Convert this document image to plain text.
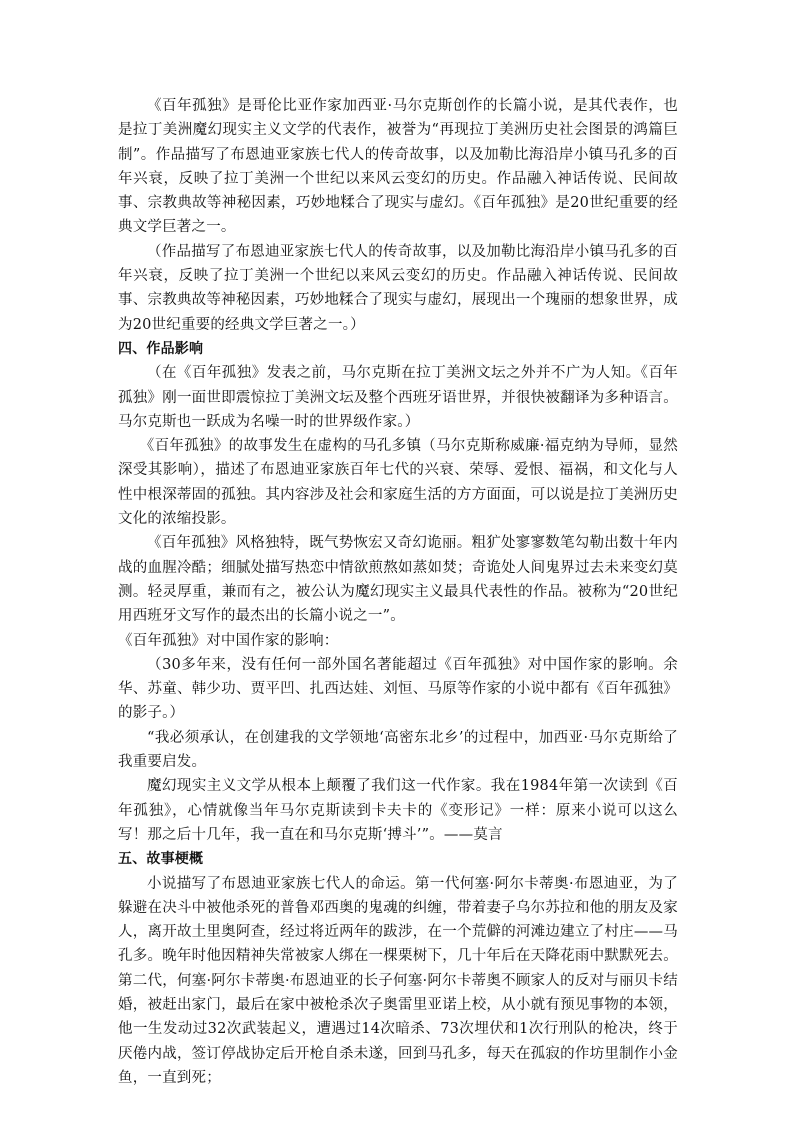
《百年孤独》是哥伦比亚作家加西亚·马尔克斯创作的长篇小说，是其代表作，也是拉丁美洲魔幻现实主义文学的代表作，被誉为“再现拉丁美洲历史社会图景的鸿篇巨制”。作品描写了布恩迪亚家族七代人的传奇故事，以及加勒比海沿岸小镇马孔多的百年兴衰，反映了拉丁美洲一个世纪以来风云变幻的历史。作品融入神话传说、民间故事、宗教典故等神秘因素，巧妙地糅合了现实与虚幻。《百年孤独》是20世纪重要的经典文学巨著之一。

（作品描写了布恩迪亚家族七代人的传奇故事，以及加勒比海沿岸小镇马孔多的百年兴衰，反映了拉丁美洲一个世纪以来风云变幻的历史。作品融入神话传说、民间故事、宗教典故等神秘因素，巧妙地糅合了现实与虚幻，展现出一个瑰丽的想象世界，成为20世纪重要的经典文学巨著之一。）

四、作品影响

（在《百年孤独》发表之前，马尔克斯在拉丁美洲文坛之外并不广为人知。《百年孤独》刚一面世即震惊拉丁美洲文坛及整个西班牙语世界，并很快被翻译为多种语言。马尔克斯也一跃成为名噪一时的世界级作家。）

《百年孤独》的故事发生在虚构的马孔多镇（马尔克斯称威廉·福克纳为导师，显然深受其影响），描述了布恩迪亚家族百年七代的兴衰、荣辱、爱恨、福祸，和文化与人性中根深蒂固的孤独。其内容涉及社会和家庭生活的方方面面，可以说是拉丁美洲历史文化的浓缩投影。

《百年孤独》风格独特，既气势恢宏又奇幻诡丽。粗犷处寥寥数笔勾勒出数十年内战的血腥冷酷；细腻处描写热恋中情欲煎熬如蒸如焚；奇诡处人间鬼界过去未来变幻莫测。轻灵厚重，兼而有之，被公认为魔幻现实主义最具代表性的作品。被称为“20世纪用西班牙文写作的最杰出的长篇小说之一”。

《百年孤独》对中国作家的影响：

（30多年来，没有任何一部外国名著能超过《百年孤独》对中国作家的影响。余华、苏童、韩少功、贾平凹、扎西达娃、刘恒、马原等作家的小说中都有《百年孤独》的影子。）

“我必须承认，在创建我的文学领地‘高密东北乡’的过程中，加西亚·马尔克斯给了我重要启发。

魔幻现实主义文学从根本上颠覆了我们这一代作家。我在1984年第一次读到《百年孤独》，心情就像当年马尔克斯读到卡夫卡的《变形记》一样：原来小说可以这么写！那之后十几年，我一直在和马尔克斯‘搏斗’”。——莫言

五、故事梗概

小说描写了布恩迪亚家族七代人的命运。第一代何塞·阿尔卡蒂奥·布恩迪亚，为了躲避在决斗中被他杀死的普鲁邓西奥的鬼魂的纠缠，带着妻子乌尔苏拉和他的朋友及家人，离开故土里奥阿查，经过将近两年的跋涉，在一个荒僻的河滩边建立了村庄——马孔多。晚年时他因精神失常被家人绑在一棵栗树下，几十年后在天降花雨中默默死去。第二代，何塞·阿尔卡蒂奥·布恩迪亚的长子何塞·阿尔卡蒂奥不顾家人的反对与丽贝卡结婚，被赶出家门，最后在家中被枪杀次子奥雷里亚诺上校，从小就有预见事物的本领，他一生发动过32次武装起义，遭遇过14次暗杀、73次埋伏和1次行刑队的枪决，终于厌倦内战，签订停战协定后开枪自杀未遂，回到马孔多，每天在孤寂的作坊里制作小金鱼，一直到死；
